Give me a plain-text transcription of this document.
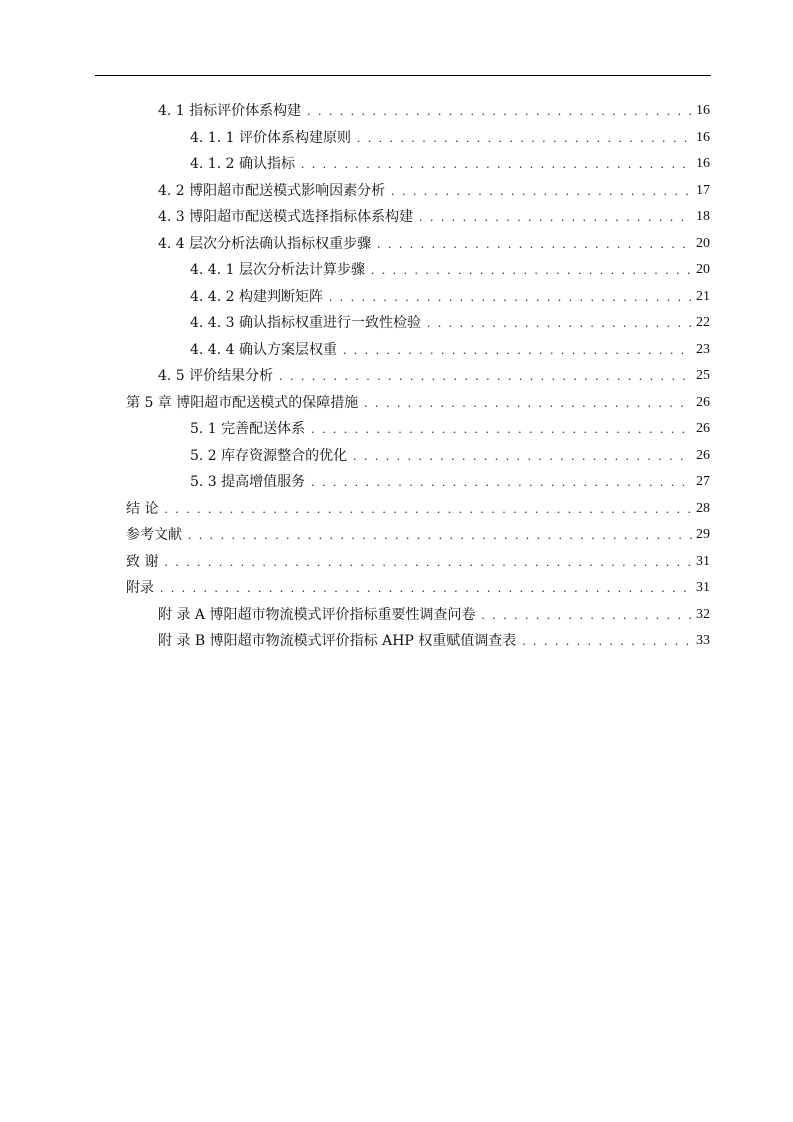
4. 1 指标评价体系构建 . . .	16
4. 1. 1 评价体系构建原则 . . .	16
4. 1. 2 确认指标 . . .	16
4. 2 博阳超市配送模式影响因素分析 . . .	17
4. 3 博阳超市配送模式选择指标体系构建 . . .	18
4. 4 层次分析法确认指标权重步骤 . . .	20
4. 4. 1 层次分析法计算步骤 . . .	20
4. 4. 2 构建判断矩阵 . . .	21
4. 4. 3 确认指标权重进行一致性检验 . . .	22
4. 4. 4 确认方案层权重 . . .	23
4. 5 评价结果分析 . . .	25
第 5 章 博阳超市配送模式的保障措施 . . .	26
5. 1 完善配送体系 . . .	26
5. 2 库存资源整合的优化 . . .	26
5. 3 提高增值服务 . . .	27
结 论 . . .	28
参考文献 . . .	29
致 谢 . . .	31
附录 . . .	31
附 录 A 博阳超市物流模式评价指标重要性调查问卷 . . .	32
附 录 B 博阳超市物流模式评价指标 AHP 权重赋值调查表 . . .	33
